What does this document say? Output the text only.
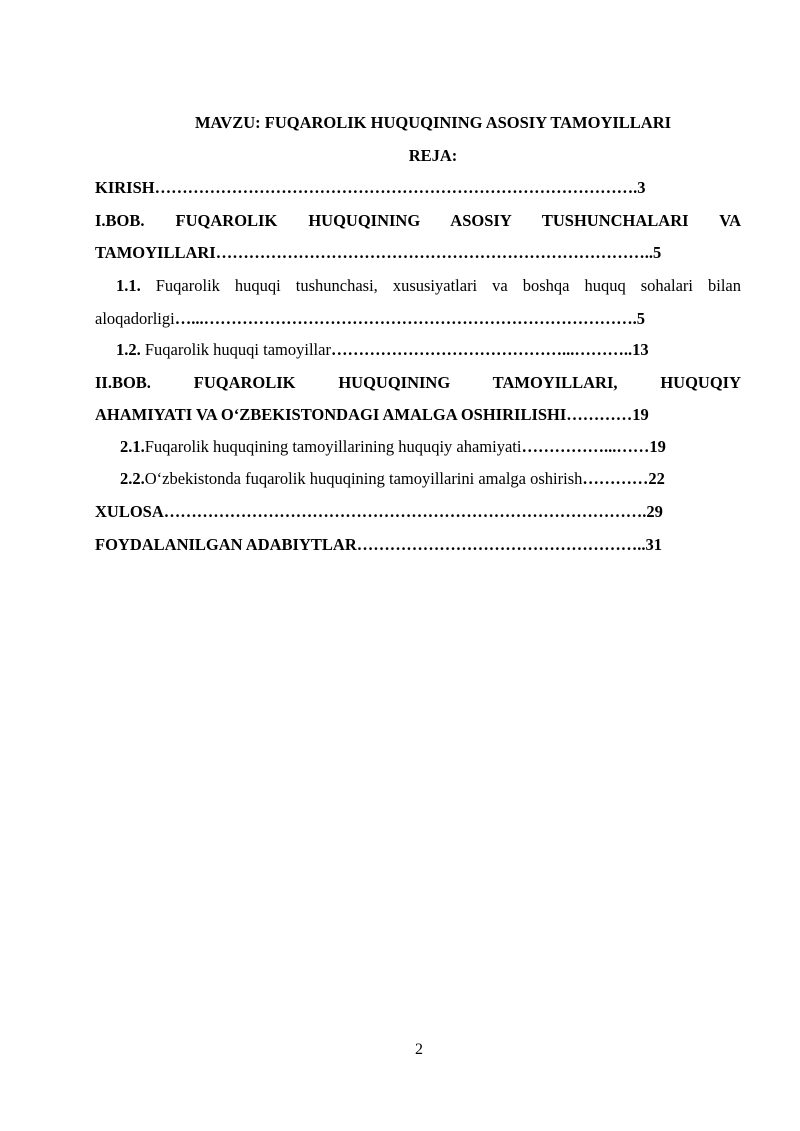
MAVZU: FUQAROLIK HUQUQINING ASOSIY TAMOYILLARI
REJA:
KIRISH…………………………………………………………………………….3
I.BOB. FUQAROLIK HUQUQINING ASOSIY TUSHUNCHALARI VA
TAMOYILLARI……………………………………………………………………..5
1.1. Fuqarolik huquqi tushunchasi, xususiyatlari va boshqa huquq sohalari bilan
aloqadorligi…...…………………………………………………………………….5
1.2. Fuqarolik huquqi tamoyillar……………………………………...………..13
II.BOB. FUQAROLIK HUQUQINING TAMOYILLARI, HUQUQIY
AHAMIYATI VA O‘ZBEKISTONDAGI AMALGA OSHIRILISHI…………19
2.1.Fuqarolik huquqining tamoyillarining huquqiy ahamiyati……………...……19
2.2.O‘zbekistonda fuqarolik huquqining tamoyillarini amalga oshirish…………22
XULOSA…………………………………………………………………………….29
FOYDALANILGAN ADABIYTLAR……………………………………………..31
2
